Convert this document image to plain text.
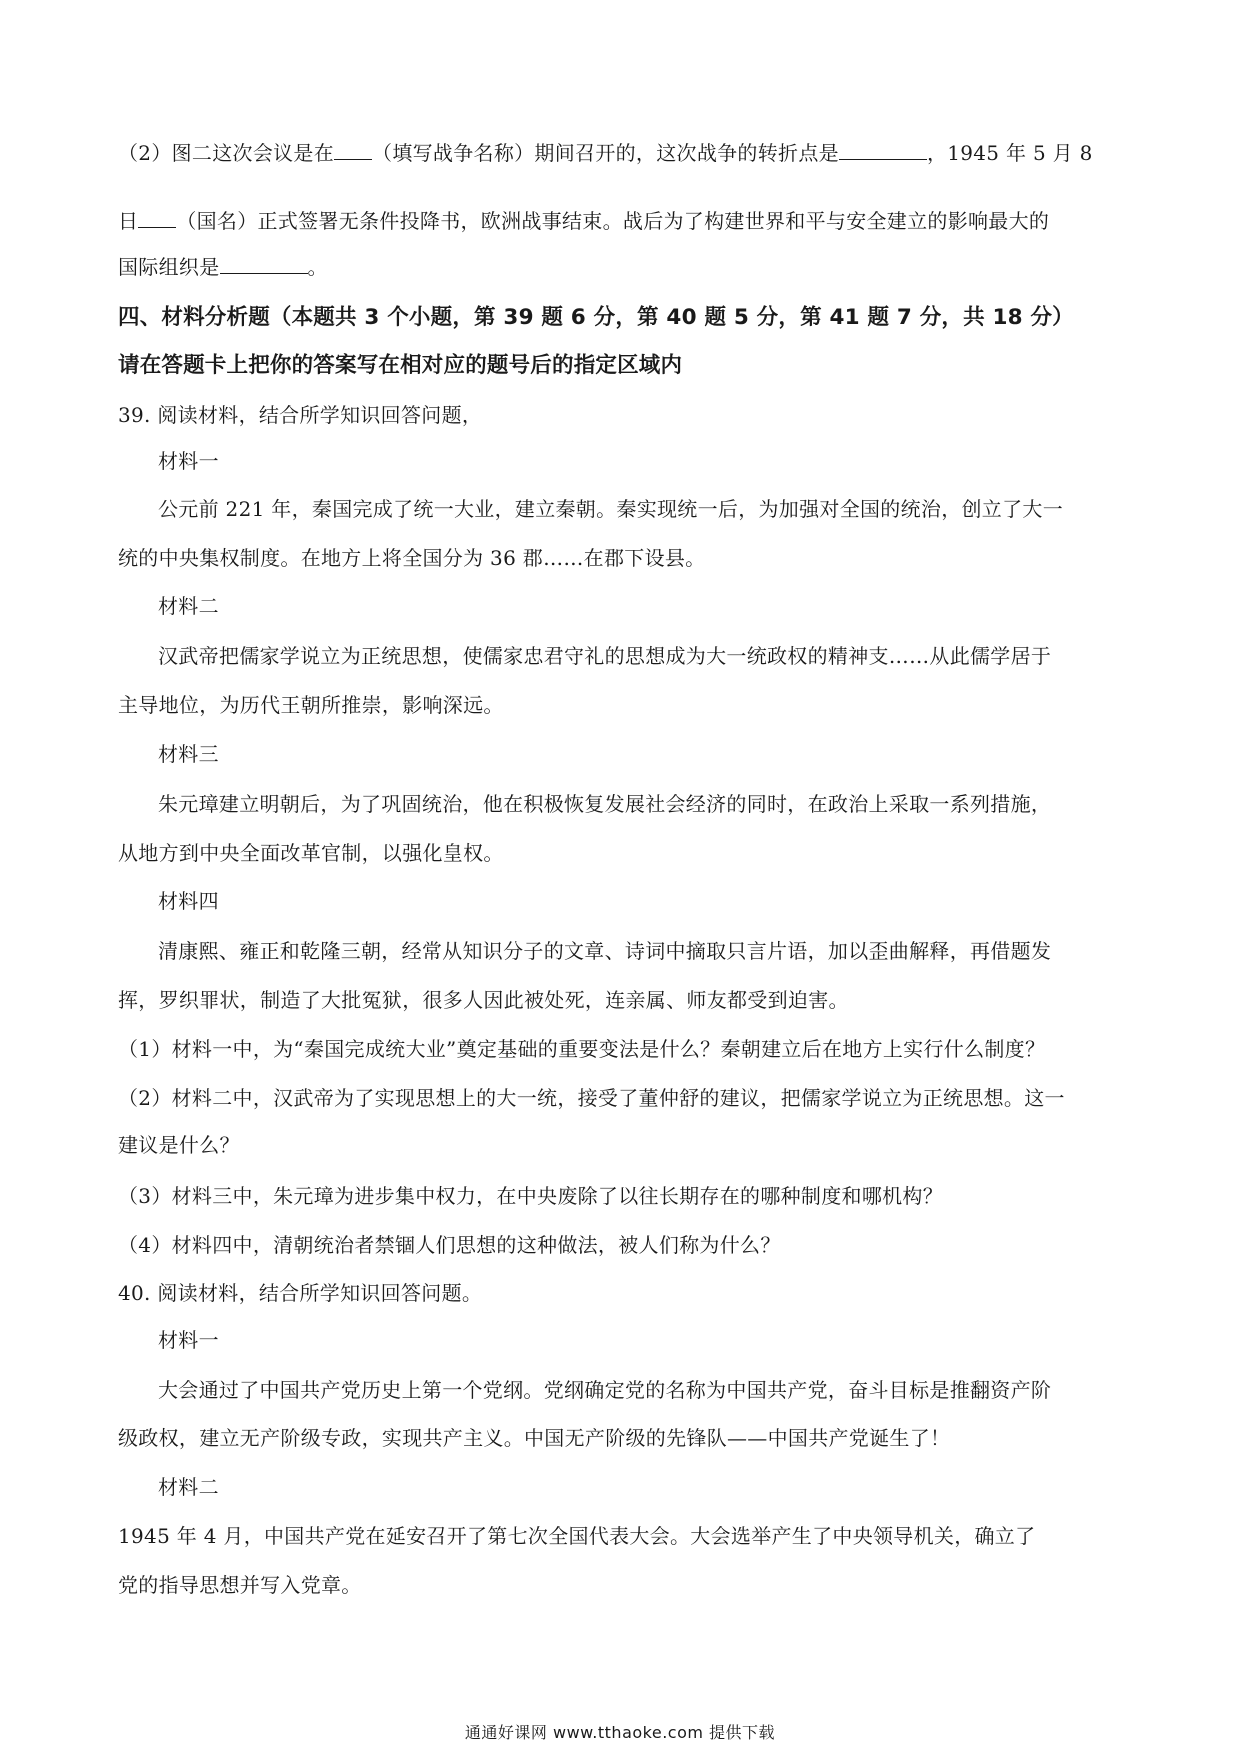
（2）图二这次会议是在 （填写战争名称）期间召开的，这次战争的转折点是	，1945 年 5 月 8
日 （国名）正式签署无条件投降书，欧洲战事结束。战后为了构建世界和平与安全建立的影响最大的
国际组织是	。
四、材料分析题（本题共 3 个小题，第 39 题 6 分，第 40 题 5 分，第 41 题 7 分，共 18 分）
请在答题卡上把你的答案写在相对应的题号后的指定区域内
39. 阅读材料，结合所学知识回答问题，
材料一
公元前 221 年，秦国完成了统一大业，建立秦朝。秦实现统一后，为加强对全国的统治，创立了大一
统的中央集权制度。在地方上将全国分为 36 郡……在郡下设县。
材料二
汉武帝把儒家学说立为正统思想，使儒家忠君守礼的思想成为大一统政权的精神支……从此儒学居于
主导地位，为历代王朝所推崇，影响深远。
材料三
朱元璋建立明朝后，为了巩固统治，他在积极恢复发展社会经济的同时，在政治上采取一系列措施，
从地方到中央全面改革官制，以强化皇权。
材料四
清康熙、雍正和乾隆三朝，经常从知识分子的文章、诗词中摘取只言片语，加以歪曲解释，再借题发
挥，罗织罪状，制造了大批冤狱，很多人因此被处死，连亲属、师友都受到迫害。
（1）材料一中，为“秦国完成统大业”奠定基础的重要变法是什么？秦朝建立后在地方上实行什么制度？
（2）材料二中，汉武帝为了实现思想上的大一统，接受了董仲舒的建议，把儒家学说立为正统思想。这一
建议是什么？
（3）材料三中，朱元璋为进步集中权力，在中央废除了以往长期存在的哪种制度和哪机构？
（4）材料四中，清朝统治者禁锢人们思想的这种做法，被人们称为什么？
40. 阅读材料，结合所学知识回答问题。
材料一
大会通过了中国共产党历史上第一个党纲。党纲确定党的名称为中国共产党，奋斗目标是推翻资产阶
级政权，建立无产阶级专政，实现共产主义。中国无产阶级的先锋队——中国共产党诞生了！
材料二
1945 年 4 月，中国共产党在延安召开了第七次全国代表大会。大会选举产生了中央领导机关，确立了
党的指导思想并写入党章。
通通好课网 www.tthaoke.com 提供下载
